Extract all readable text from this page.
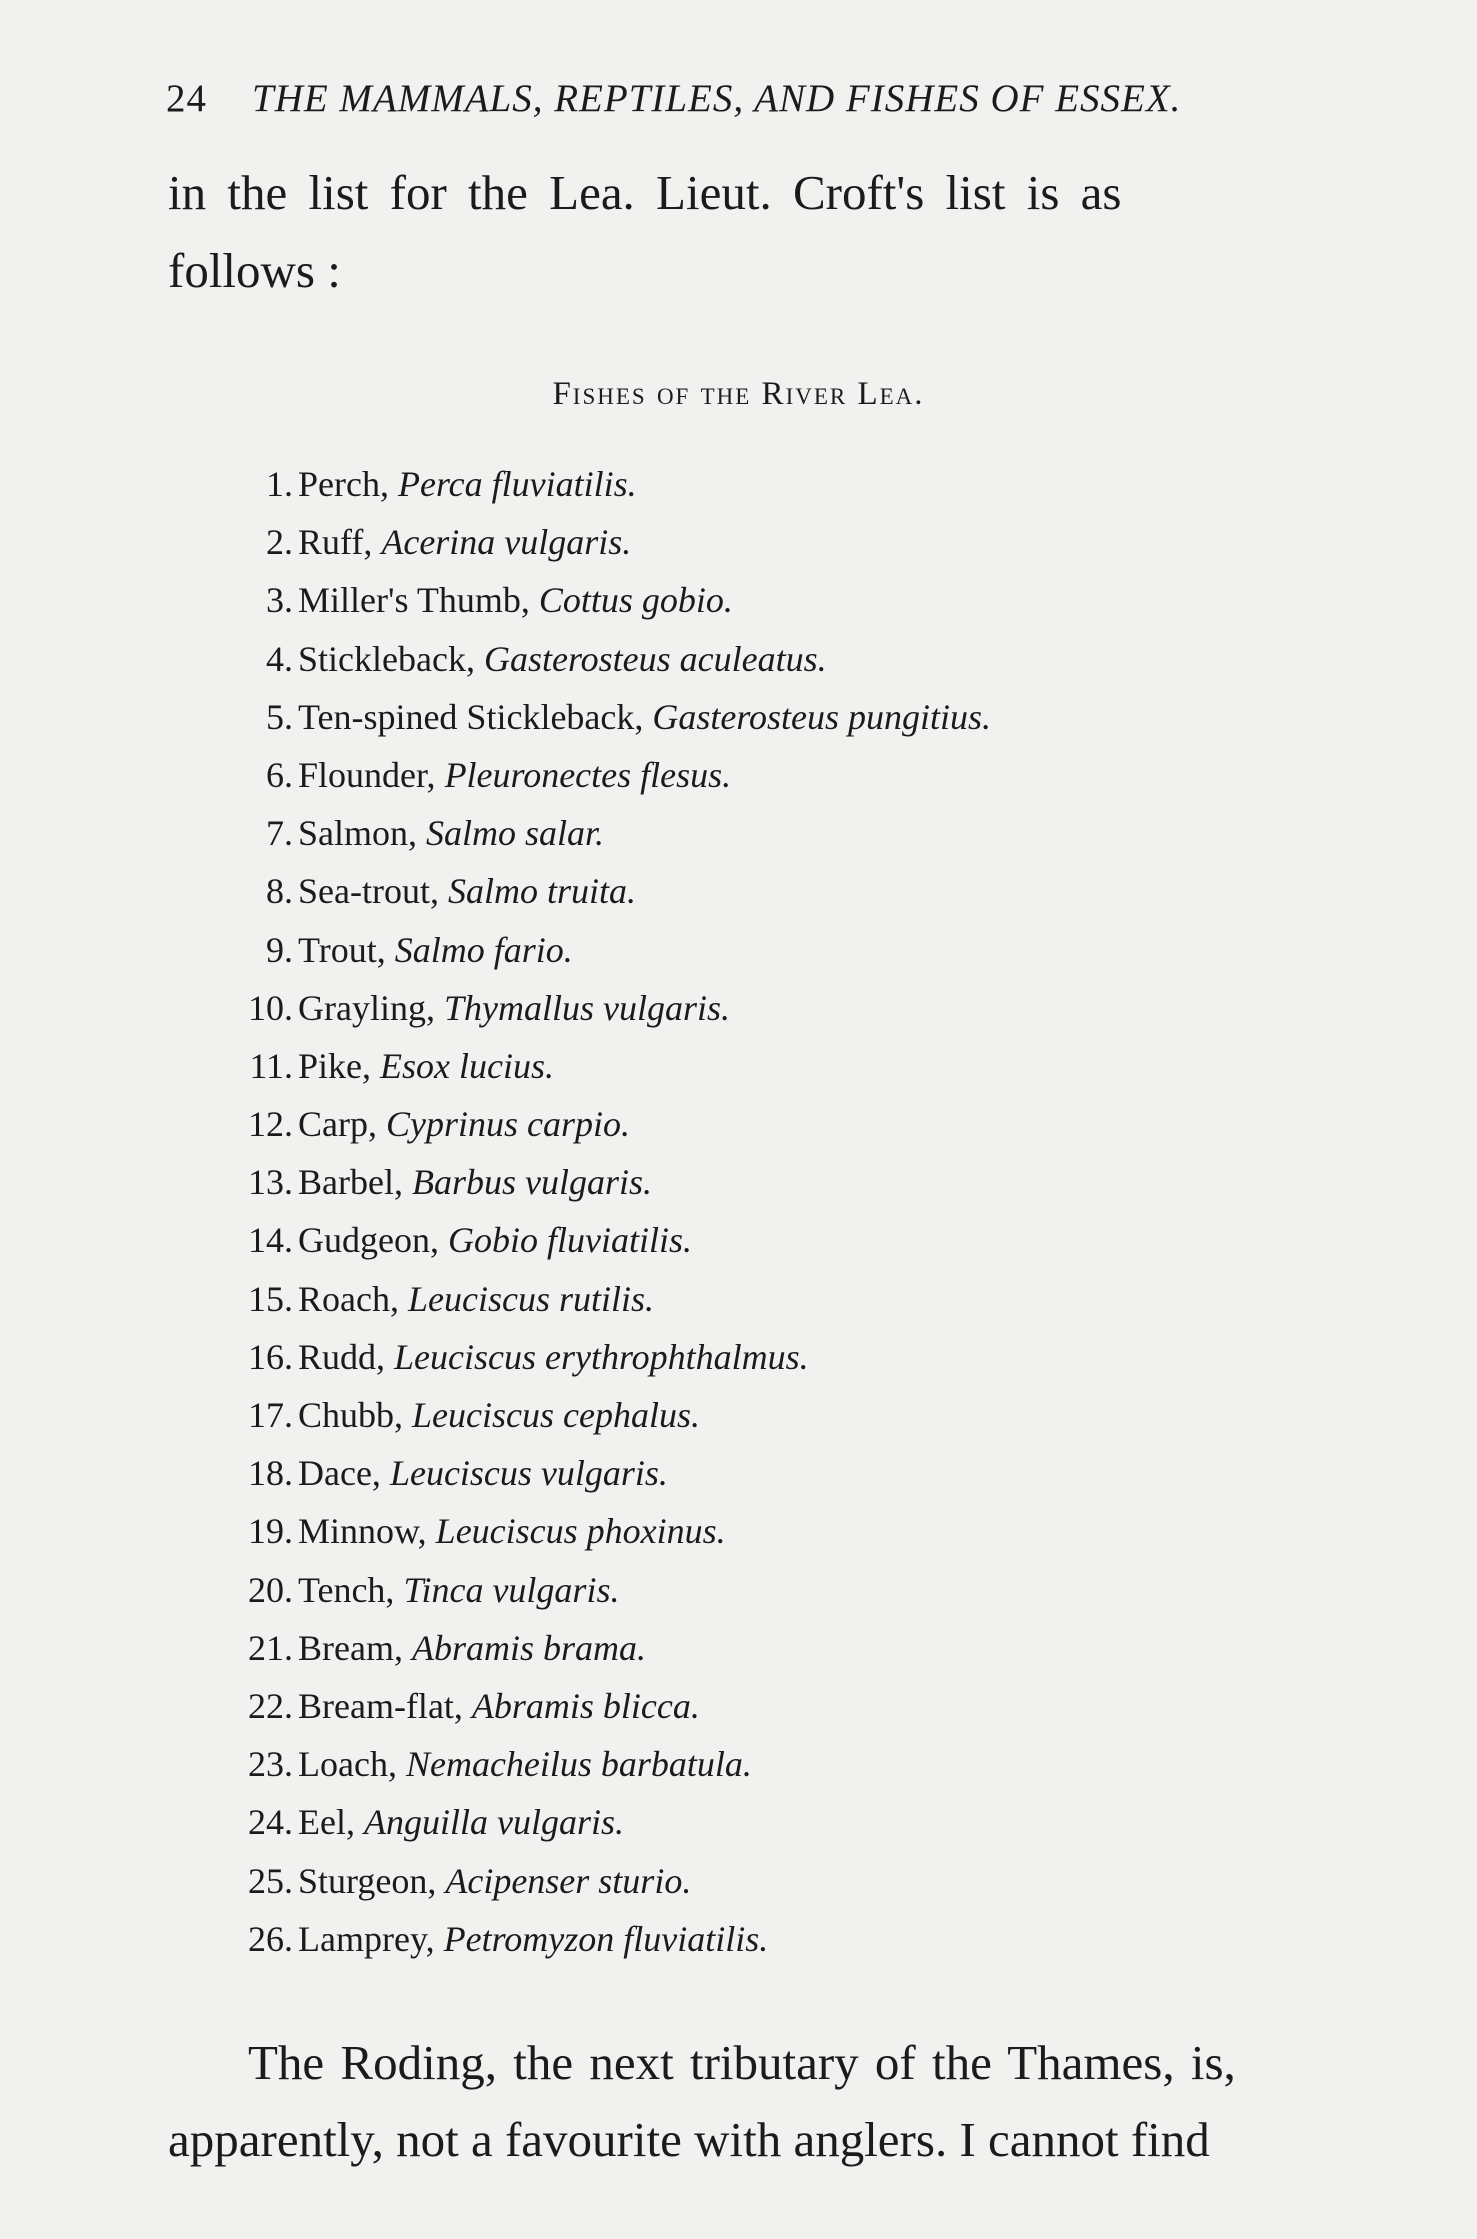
24 THE MAMMALS, REPTILES, AND FISHES OF ESSEX.
in the list for the Lea. Lieut. Croft's list is as
follows :
Fishes of the River Lea.
1. Perch, Perca fluviatilis.
2. Ruff, Acerina vulgaris.
3. Miller's Thumb, Cottus gobio.
4. Stickleback, Gasterosteus aculeatus.
5. Ten-spined Stickleback, Gasterosteus pungitius.
6. Flounder, Pleuronectes flesus.
7. Salmon, Salmo salar.
8. Sea-trout, Salmo truita.
9. Trout, Salmo fario.
10. Grayling, Thymallus vulgaris.
11. Pike, Esox lucius.
12. Carp, Cyprinus carpio.
13. Barbel, Barbus vulgaris.
14. Gudgeon, Gobio fluviatilis.
15. Roach, Leuciscus rutilis.
16. Rudd, Leuciscus erythrophthalmus.
17. Chubb, Leuciscus cephalus.
18. Dace, Leuciscus vulgaris.
19. Minnow, Leuciscus phoxinus.
20. Tench, Tinca vulgaris.
21. Bream, Abramis brama.
22. Bream-flat, Abramis blicca.
23. Loach, Nemacheilus barbatula.
24. Eel, Anguilla vulgaris.
25. Sturgeon, Acipenser sturio.
26. Lamprey, Petromyzon fluviatilis.
The Roding, the next tributary of the Thames, is,
apparently, not a favourite with anglers. I cannot find
